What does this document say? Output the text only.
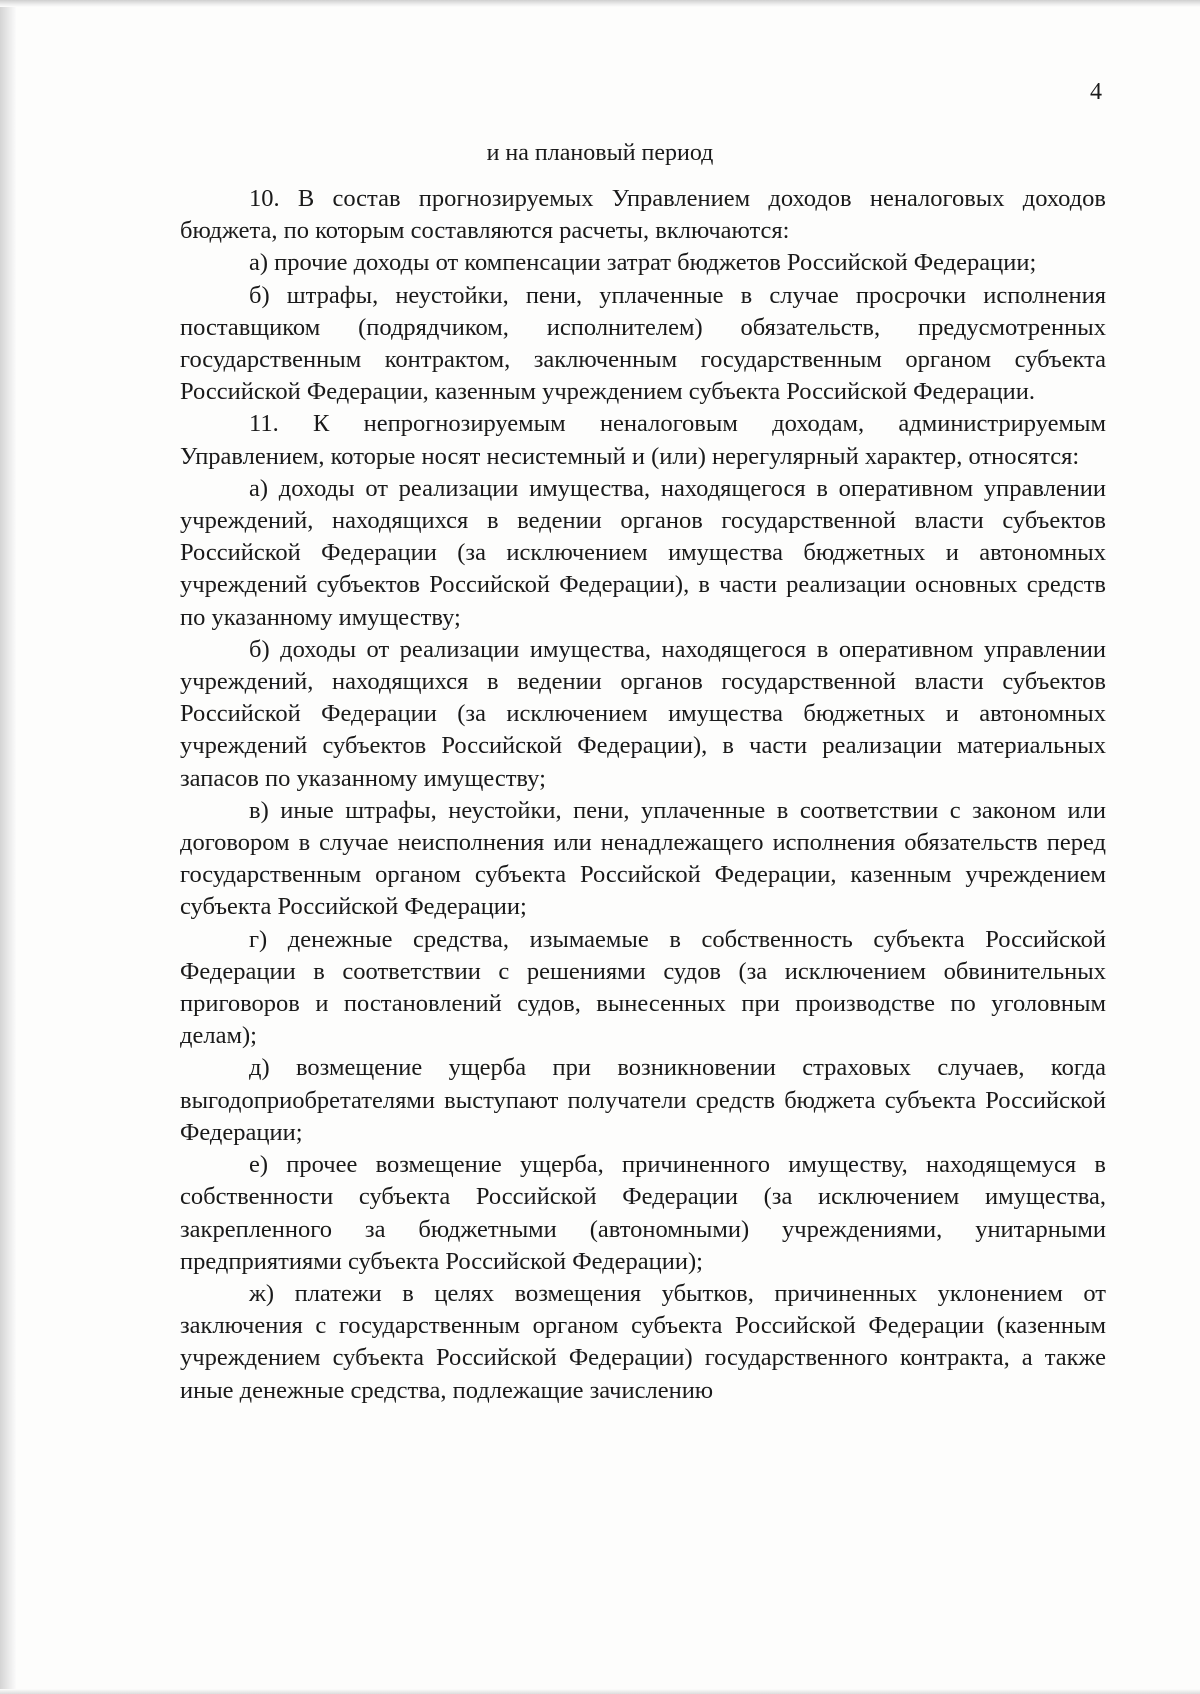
4
и на плановый период

10. В состав прогнозируемых Управлением доходов неналоговых доходов бюджета, по которым составляются расчеты, включаются:

а) прочие доходы от компенсации затрат бюджетов Российской Федерации;

б) штрафы, неустойки, пени, уплаченные в случае просрочки исполнения поставщиком (подрядчиком, исполнителем) обязательств, предусмотренных государственным контрактом, заключенным государственным органом субъекта Российской Федерации, казенным учреждением субъекта Российской Федерации.

11. К непрогнозируемым неналоговым доходам, администрируемым Управлением, которые носят несистемный и (или) нерегулярный характер, относятся:

а) доходы от реализации имущества, находящегося в оперативном управлении учреждений, находящихся в ведении органов государственной власти субъектов Российской Федерации (за исключением имущества бюджетных и автономных учреждений субъектов Российской Федерации), в части реализации основных средств по указанному имуществу;

б) доходы от реализации имущества, находящегося в оперативном управлении учреждений, находящихся в ведении органов государственной власти субъектов Российской Федерации (за исключением имущества бюджетных и автономных учреждений субъектов Российской Федерации), в части реализации материальных запасов по указанному имуществу;

в) иные штрафы, неустойки, пени, уплаченные в соответствии с законом или договором в случае неисполнения или ненадлежащего исполнения обязательств перед государственным органом субъекта Российской Федерации, казенным учреждением субъекта Российской Федерации;

г) денежные средства, изымаемые в собственность субъекта Российской Федерации в соответствии с решениями судов (за исключением обвинительных приговоров и постановлений судов, вынесенных при производстве по уголовным делам);

д) возмещение ущерба при возникновении страховых случаев, когда выгодоприобретателями выступают получатели средств бюджета субъекта Российской Федерации;

е) прочее возмещение ущерба, причиненного имуществу, находящемуся в собственности субъекта Российской Федерации (за исключением имущества, закрепленного за бюджетными (автономными) учреждениями, унитарными предприятиями субъекта Российской Федерации);

ж) платежи в целях возмещения убытков, причиненных уклонением от заключения с государственным органом субъекта Российской Федерации (казенным учреждением субъекта Российской Федерации) государственного контракта, а также иные денежные средства, подлежащие зачислению
